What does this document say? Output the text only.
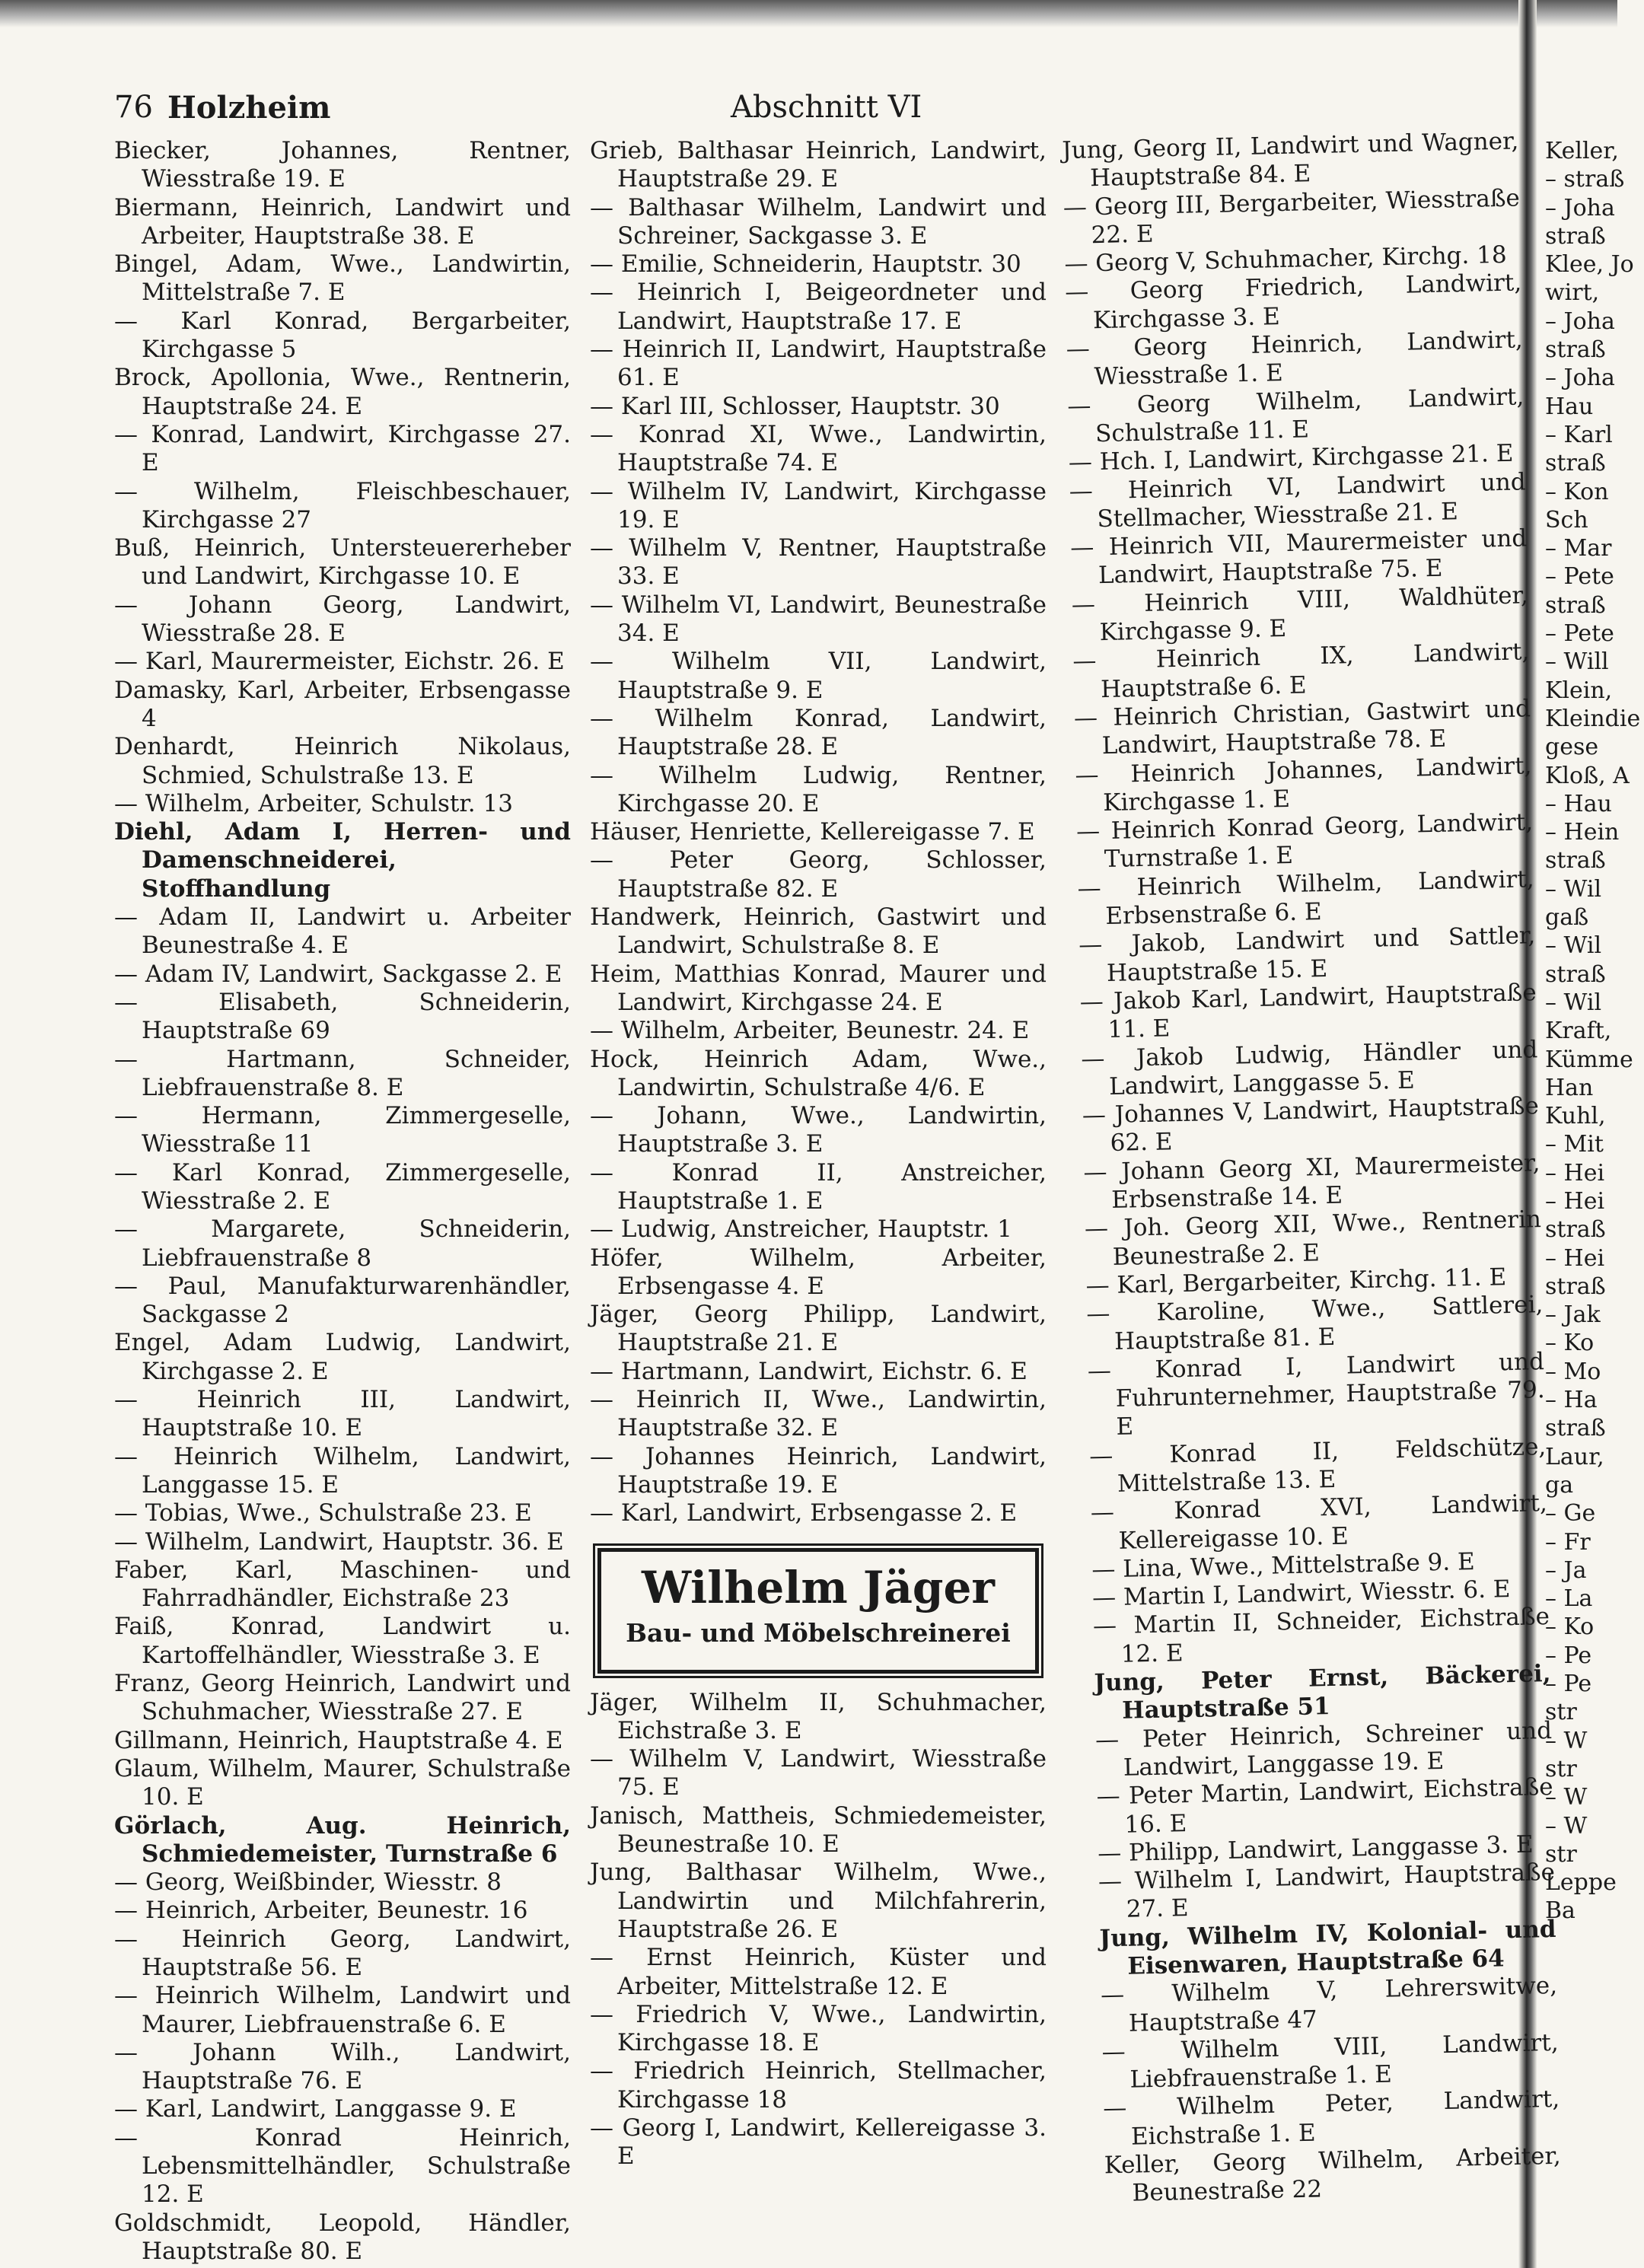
76 Holzheim	Abschnitt VI
Biecker, Johannes, Rentner, Wiesstraße 19. E
Biermann, Heinrich, Landwirt und Arbeiter, Hauptstraße 38. E
Bingel, Adam, Wwe., Landwirtin, Mittelstraße 7. E
— Karl Konrad, Bergarbeiter, Kirchgasse 5
Brock, Apollonia, Wwe., Rentnerin, Hauptstraße 24. E
— Konrad, Landwirt, Kirchgasse 27. E
— Wilhelm, Fleischbeschauer, Kirchgasse 27
Buß, Heinrich, Untersteuererheber und Landwirt, Kirchgasse 10. E
— Johann Georg, Landwirt, Wiesstraße 28. E
— Karl, Maurermeister, Eichstr. 26. E
Damasky, Karl, Arbeiter, Erbsengasse 4
Denhardt, Heinrich Nikolaus, Schmied, Schulstraße 13. E
— Wilhelm, Arbeiter, Schulstr. 13
Diehl, Adam I, Herren- und Damenschneiderei, Stoffhandlung
— Adam II, Landwirt u. Arbeiter Beunestraße 4. E
— Adam IV, Landwirt, Sackgasse 2. E
— Elisabeth, Schneiderin, Hauptstraße 69
— Hartmann, Schneider, Liebfrauenstraße 8. E
— Hermann, Zimmergeselle, Wiesstraße 11
— Karl Konrad, Zimmergeselle, Wiesstraße 2. E
— Margarete, Schneiderin, Liebfrauenstraße 8
— Paul, Manufakturwarenhändler, Sackgasse 2
Engel, Adam Ludwig, Landwirt, Kirchgasse 2. E
— Heinrich III, Landwirt, Hauptstraße 10. E
— Heinrich Wilhelm, Landwirt, Langgasse 15. E
— Tobias, Wwe., Schulstraße 23. E
— Wilhelm, Landwirt, Hauptstr. 36. E
Faber, Karl, Maschinen- und Fahrradhändler, Eichstraße 23
Faiß, Konrad, Landwirt u. Kartoffelhändler, Wiesstraße 3. E
Franz, Georg Heinrich, Landwirt und Schuhmacher, Wiesstraße 27. E
Gillmann, Heinrich, Hauptstraße 4. E
Glaum, Wilhelm, Maurer, Schulstraße 10. E
Görlach, Aug. Heinrich, Schmiedemeister, Turnstraße 6
— Georg, Weißbinder, Wiesstr. 8
— Heinrich, Arbeiter, Beunestr. 16
— Heinrich Georg, Landwirt, Hauptstraße 56. E
— Heinrich Wilhelm, Landwirt und Maurer, Liebfrauenstraße 6. E
— Johann Wilh., Landwirt, Hauptstraße 76. E
— Karl, Landwirt, Langgasse 9. E
— Konrad Heinrich, Lebensmittelhändler, Schulstraße 12. E
Goldschmidt, Leopold, Händler, Hauptstraße 80. E
Grieb, Balthasar Heinrich, Landwirt, Hauptstraße 29. E
— Balthasar Wilhelm, Landwirt und Schreiner, Sackgasse 3. E
— Emilie, Schneiderin, Hauptstr. 30
— Heinrich I, Beigeordneter und Landwirt, Hauptstraße 17. E
— Heinrich II, Landwirt, Hauptstraße 61. E
— Karl III, Schlosser, Hauptstr. 30
— Konrad XI, Wwe., Landwirtin, Hauptstraße 74. E
— Wilhelm IV, Landwirt, Kirchgasse 19. E
— Wilhelm V, Rentner, Hauptstraße 33. E
— Wilhelm VI, Landwirt, Beunestraße 34. E
— Wilhelm VII, Landwirt, Hauptstraße 9. E
— Wilhelm Konrad, Landwirt, Hauptstraße 28. E
— Wilhelm Ludwig, Rentner, Kirchgasse 20. E
Häuser, Henriette, Kellereigasse 7. E
— Peter Georg, Schlosser, Hauptstraße 82. E
Handwerk, Heinrich, Gastwirt und Landwirt, Schulstraße 8. E
Heim, Matthias Konrad, Maurer und Landwirt, Kirchgasse 24. E
— Wilhelm, Arbeiter, Beunestr. 24. E
Hock, Heinrich Adam, Wwe., Landwirtin, Schulstraße 4/6. E
— Johann, Wwe., Landwirtin, Hauptstraße 3. E
— Konrad II, Anstreicher, Hauptstraße 1. E
— Ludwig, Anstreicher, Hauptstr. 1
Höfer, Wilhelm, Arbeiter, Erbsengasse 4. E
Jäger, Georg Philipp, Landwirt, Hauptstraße 21. E
— Hartmann, Landwirt, Eichstr. 6. E
— Heinrich II, Wwe., Landwirtin, Hauptstraße 32. E
— Johannes Heinrich, Landwirt, Hauptstraße 19. E
— Karl, Landwirt, Erbsengasse 2. E
Wilhelm Jäger
Bau- und Möbelschreinerei
Jäger, Wilhelm II, Schuhmacher, Eichstraße 3. E
— Wilhelm V, Landwirt, Wiesstraße 75. E
Janisch, Mattheis, Schmiedemeister, Beunestraße 10. E
Jung, Balthasar Wilhelm, Wwe., Landwirtin und Milchfahrerin, Hauptstraße 26. E
— Ernst Heinrich, Küster und Arbeiter, Mittelstraße 12. E
— Friedrich V, Wwe., Landwirtin, Kirchgasse 18. E
— Friedrich Heinrich, Stellmacher, Kirchgasse 18
— Georg I, Landwirt, Kellereigasse 3. E
Jung, Georg II, Landwirt und Wagner, Hauptstraße 84. E
— Georg III, Bergarbeiter, Wiesstraße 22. E
— Georg V, Schuhmacher, Kirchg. 18
— Georg Friedrich, Landwirt, Kirchgasse 3. E
— Georg Heinrich, Landwirt, Wiesstraße 1. E
— Georg Wilhelm, Landwirt, Schulstraße 11. E
— Hch. I, Landwirt, Kirchgasse 21. E
— Heinrich VI, Landwirt und Stellmacher, Wiesstraße 21. E
— Heinrich VII, Maurermeister und Landwirt, Hauptstraße 75. E
— Heinrich VIII, Waldhüter, Kirchgasse 9. E
— Heinrich IX, Landwirt, Hauptstraße 6. E
— Heinrich Christian, Gastwirt und Landwirt, Hauptstraße 78. E
— Heinrich Johannes, Landwirt, Kirchgasse 1. E
— Heinrich Konrad Georg, Landwirt, Turnstraße 1. E
— Heinrich Wilhelm, Landwirt, Erbsenstraße 6. E
— Jakob, Landwirt und Sattler, Hauptstraße 15. E
— Jakob Karl, Landwirt, Hauptstraße 11. E
— Jakob Ludwig, Händler und Landwirt, Langgasse 5. E
— Johannes V, Landwirt, Hauptstraße 62. E
— Johann Georg XI, Maurermeister, Erbsenstraße 14. E
— Joh. Georg XII, Wwe., Rentnerin Beunestraße 2. E
— Karl, Bergarbeiter, Kirchg. 11. E
— Karoline, Wwe., Sattlerei, Hauptstraße 81. E
— Konrad I, Landwirt und Fuhrunternehmer, Hauptstraße 79. E
— Konrad II, Feldschütze, Mittelstraße 13. E
— Konrad XVI, Landwirt, Kellereigasse 10. E
— Lina, Wwe., Mittelstraße 9. E
— Martin I, Landwirt, Wiesstr. 6. E
— Martin II, Schneider, Eichstraße 12. E
Jung, Peter Ernst, Bäckerei, Hauptstraße 51
— Peter Heinrich, Schreiner und Landwirt, Langgasse 19. E
— Peter Martin, Landwirt, Eichstraße 16. E
— Philipp, Landwirt, Langgasse 3. E
— Wilhelm I, Landwirt, Hauptstraße 27. E
Jung, Wilhelm IV, Kolonial- und Eisenwaren, Hauptstraße 64
— Wilhelm V, Lehrerswitwe, Hauptstraße 47
— Wilhelm VIII, Landwirt, Liebfrauenstraße 1. E
— Wilhelm Peter, Landwirt, Eichstraße 1. E
Keller, Georg Wilhelm, Arbeiter, Beunestraße 22
Keller,
– straß
– Joha
straß
Klee, Jo
wirt,
– Joha
straß
– Joha
Hau
– Karl
straß
– Kon
Sch
– Mar
– Pete
straß
– Pete
– Will
Klein,
Kleindie
gese
Kloß, A
– Hau
– Hein
straß
– Wil
gaß
– Wil
straß
– Wil
Kraft,
Kümme
Han
Kuhl,
– Mit
– Hei
– Hei
straß
– Hei
straß
– Jak
– Ko
– Mo
– Ha
straß
Laur,
ga
– Ge
– Fr
– Ja
– La
– Ko
– Pe
– Pe
str
– W
str
– W
– W
str
Leppe
Ba
